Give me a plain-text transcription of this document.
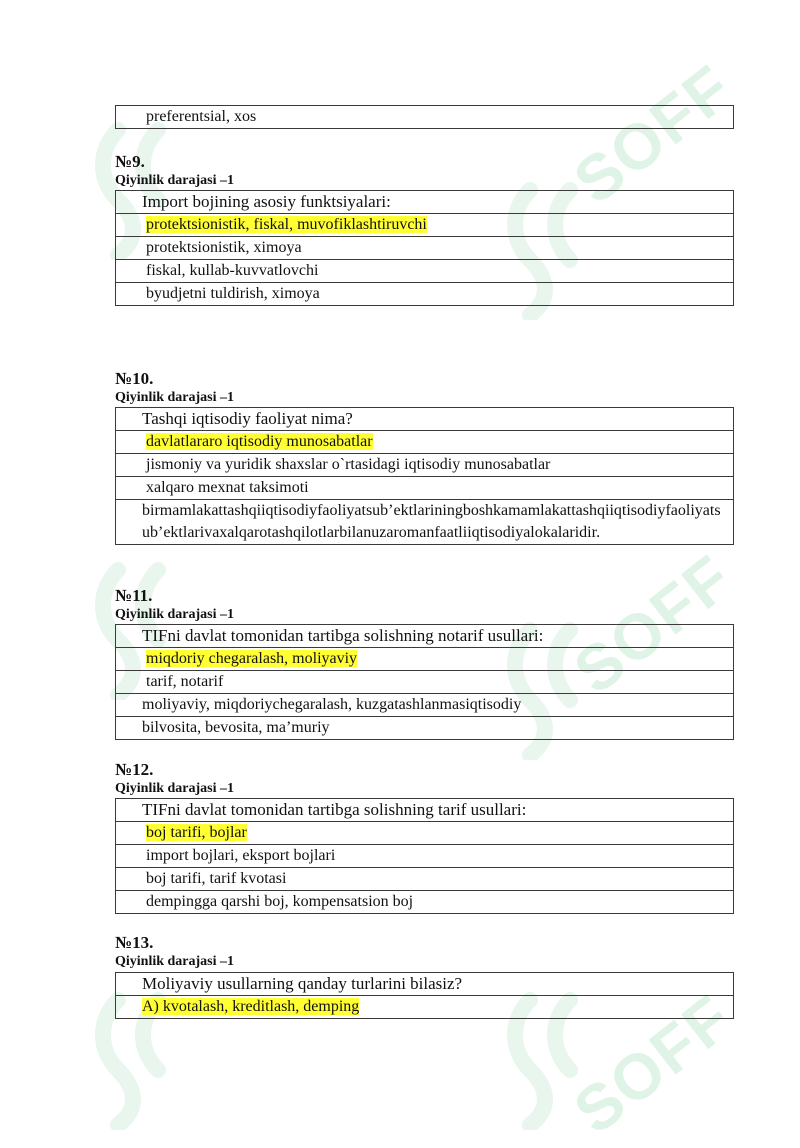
SOFF
SOFF
SOFF
preferentsial, xos
№9.
Qiyinlik darajasi –1
Import bojining asosiy funktsiyalari:
protektsionistik, fiskal, muvofiklashtiruvchi
protektsionistik, ximoya
fiskal, kullab-kuvvatlovchi
byudjetni tuldirish, ximoya
№10.
Qiyinlik darajasi –1
Tashqi iqtisodiy faoliyat nima?
davlatlararo iqtisodiy munosabatlar
jismoniy va yuridik shaxslar o`rtasidagi iqtisodiy munosabatlar
xalqaro mexnat taksimoti
birmamlakattashqiiqtisodiyfaoliyatsub’ektlariningboshkamamlakattashqiiqtisodiyfaoliyatsub’ektlarivaxalqarotashqilotlarbilanuzaromanfaatliiqtisodiyalokalaridir.
№11.
Qiyinlik darajasi –1
TIFni davlat tomonidan tartibga solishning notarif usullari:
miqdoriy chegaralash, moliyaviy
tarif, notarif
moliyaviy, miqdoriychegaralash, kuzgatashlanmasiqtisodiy
bilvosita, bevosita, ma’muriy
№12.
Qiyinlik darajasi –1
TIFni davlat tomonidan tartibga solishning tarif usullari:
boj tarifi, bojlar
import bojlari, eksport bojlari
boj tarifi, tarif kvotasi
dempingga qarshi boj, kompensatsion boj
№13.
Qiyinlik darajasi –1
Moliyaviy usullarning qanday turlarini bilasiz?
A) kvotalash, kreditlash, demping
